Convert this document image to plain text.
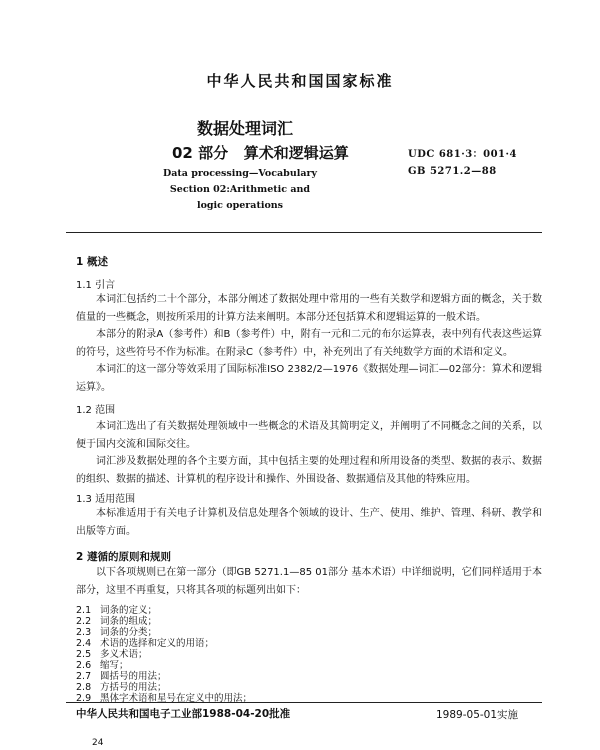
中华人民共和国国家标准
数据处理词汇
02 部分 算术和逻辑运算	UDC 681·3：001·4
GB 5271.2—88
Data processing—Vocabulary
Section 02:Arithmetic and
logic operations
1 概述
1.1 引言

本词汇包括约二十个部分，本部分阐述了数据处理中常用的一些有关数学和逻辑方面的概念，关于数值量的一些概念，则按所采用的计算方法来阐明。本部分还包括算术和逻辑运算的一般术语。

本部分的附录A（参考件）和B（参考件）中，附有一元和二元的布尔运算表，表中列有代表这些运算的符号，这些符号不作为标准。在附录C（参考件）中，补充列出了有关纯数学方面的术语和定义。

本词汇的这一部分等效采用了国际标准ISO 2382/2—1976《数据处理—词汇—02部分：算术和逻辑运算》。

1.2 范围

本词汇选出了有关数据处理领域中一些概念的术语及其简明定义，并阐明了不同概念之间的关系，以便于国内交流和国际交往。

词汇涉及数据处理的各个主要方面，其中包括主要的处理过程和所用设备的类型、数据的表示、数据的组织、数据的描述、计算机的程序设计和操作、外围设备、数据通信及其他的特殊应用。

1.3 适用范围

本标准适用于有关电子计算机及信息处理各个领域的设计、生产、使用、维护、管理、科研、教学和出版等方面。

2 遵循的原则和规则

以下各项规则已在第一部分（即GB 5271.1—85 01部分 基本术语）中详细说明，它们同样适用于本部分，这里不再重复，只将其各项的标题列出如下：

2.1 词条的定义；
2.2 词条的组成；
2.3 词条的分类；
2.4 术语的选择和定义的用语；
2.5 多义术语；
2.6 缩写；
2.7 圆括号的用法；
2.8 方括号的用法；
2.9 黑体字术语和星号在定义中的用法；
中华人民共和国电子工业部1988-04-20批准	1989-05-01实施
24
